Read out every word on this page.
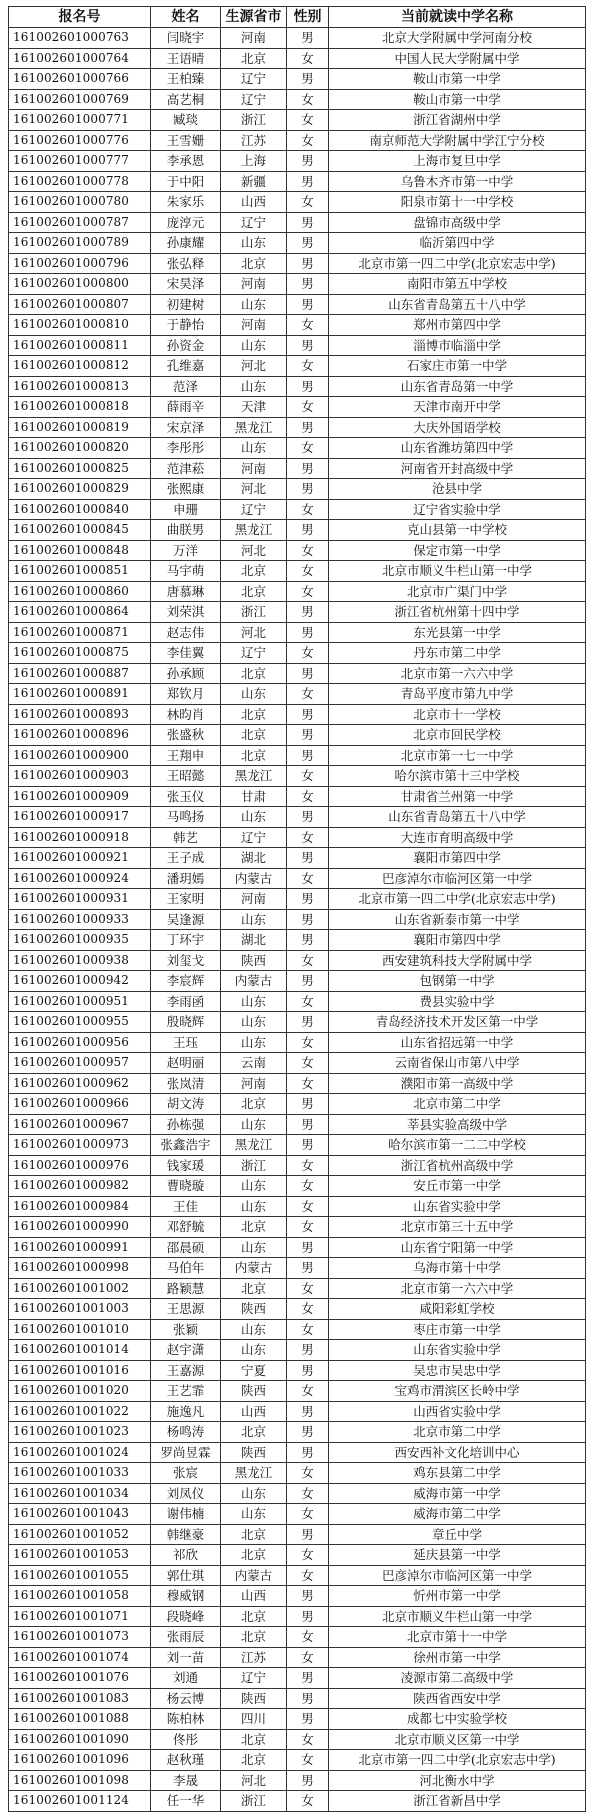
报名号	姓名	生源省市	性别	当前就读中学名称
161002601000763	闫晓宇	河南	男	北京大学附属中学河南分校
161002601000764	王语晴	北京	女	中国人民大学附属中学
161002601000766	王柏臻	辽宁	男	鞍山市第一中学
161002601000769	高艺桐	辽宁	女	鞍山市第一中学
161002601000771	臧琰	浙江	女	浙江省湖州中学
161002601000776	王雪姗	江苏	女	南京师范大学附属中学江宁分校
161002601000777	李承恩	上海	男	上海市复旦中学
161002601000778	于中阳	新疆	男	乌鲁木齐市第一中学
161002601000780	朱家乐	山西	女	阳泉市第十一中学校
161002601000787	庞淳元	辽宁	男	盘锦市高级中学
161002601000789	孙康耀	山东	男	临沂第四中学
161002601000796	张弘释	北京	男	北京市第一四二中学(北京宏志中学)
161002601000800	宋昊泽	河南	男	南阳市第五中学校
161002601000807	初建树	山东	男	山东省青岛第五十八中学
161002601000810	于静怡	河南	女	郑州市第四中学
161002601000811	孙资金	山东	男	淄博市临淄中学
161002601000812	孔维嘉	河北	女	石家庄市第一中学
161002601000813	范泽	山东	男	山东省青岛第一中学
161002601000818	薛雨辛	天津	女	天津市南开中学
161002601000819	宋京泽	黑龙江	男	大庆外国语学校
161002601000820	李彤彤	山东	女	山东省潍坊第四中学
161002601000825	范津菘	河南	男	河南省开封高级中学
161002601000829	张熙康	河北	男	沧县中学
161002601000840	申珊	辽宁	女	辽宁省实验中学
161002601000845	曲朕男	黑龙江	男	克山县第一中学校
161002601000848	万洋	河北	女	保定市第一中学
161002601000851	马宇萌	北京	女	北京市顺义牛栏山第一中学
161002601000860	唐慕琳	北京	女	北京市广渠门中学
161002601000864	刘荣淇	浙江	男	浙江省杭州第十四中学
161002601000871	赵志伟	河北	男	东光县第一中学
161002601000875	李佳翼	辽宁	女	丹东市第二中学
161002601000887	孙承顾	北京	男	北京市第一六六中学
161002601000891	郑钦月	山东	女	青岛平度市第九中学
161002601000893	林昀肖	北京	男	北京市十一学校
161002601000896	张盛秋	北京	男	北京市回民学校
161002601000900	王翔申	北京	男	北京市第一七一中学
161002601000903	王昭懿	黑龙江	女	哈尔滨市第十三中学校
161002601000909	张玉仪	甘肃	女	甘肃省兰州第一中学
161002601000917	马鸣扬	山东	男	山东省青岛第五十八中学
161002601000918	韩艺	辽宁	女	大连市育明高级中学
161002601000921	王子成	湖北	男	襄阳市第四中学
161002601000924	潘玥嫣	内蒙古	女	巴彦淖尔市临河区第一中学
161002601000931	王家明	河南	男	北京市第一四二中学(北京宏志中学)
161002601000933	吴逢源	山东	男	山东省新泰市第一中学
161002601000935	丁环宇	湖北	男	襄阳市第四中学
161002601000938	刘玺戈	陕西	女	西安建筑科技大学附属中学
161002601000942	李宸辉	内蒙古	男	包钢第一中学
161002601000951	李雨函	山东	女	费县实验中学
161002601000955	殷晓辉	山东	男	青岛经济技术开发区第一中学
161002601000956	王珏	山东	女	山东省招远第一中学
161002601000957	赵明丽	云南	女	云南省保山市第八中学
161002601000962	张岚清	河南	女	濮阳市第一高级中学
161002601000966	胡文涛	北京	男	北京市第二中学
161002601000967	孙栋强	山东	男	莘县实验高级中学
161002601000973	张鑫浩宇	黑龙江	男	哈尔滨市第一二二中学校
161002601000976	钱家瑗	浙江	女	浙江省杭州高级中学
161002601000982	曹晓璇	山东	女	安丘市第一中学
161002601000984	王佳	山东	女	山东省实验中学
161002601000990	邓舒毓	北京	女	北京市第三十五中学
161002601000991	邵晨硕	山东	男	山东省宁阳第一中学
161002601000998	马伯年	内蒙古	男	乌海市第十中学
161002601001002	路颖慧	北京	女	北京市第一六六中学
161002601001003	王思源	陕西	女	咸阳彩虹学校
161002601001010	张颖	山东	女	枣庄市第一中学
161002601001014	赵宇潇	山东	男	山东省实验中学
161002601001016	王嘉源	宁夏	男	吴忠市吴忠中学
161002601001020	王艺霏	陕西	女	宝鸡市渭滨区长岭中学
161002601001022	施逸凡	山西	男	山西省实验中学
161002601001023	杨鸣涛	北京	男	北京市第二中学
161002601001024	罗尚昱霖	陕西	男	西安西补文化培训中心
161002601001033	张宸	黑龙江	女	鸡东县第二中学
161002601001034	刘凤仪	山东	女	威海市第一中学
161002601001043	谢伟楠	山东	女	威海市第二中学
161002601001052	韩继豪	北京	男	章丘中学
161002601001053	祁欣	北京	女	延庆县第一中学
161002601001055	郭仕琪	内蒙古	女	巴彦淖尔市临河区第一中学
161002601001058	穆威钢	山西	男	忻州市第一中学
161002601001071	段晓峰	北京	男	北京市顺义牛栏山第一中学
161002601001073	张雨辰	北京	女	北京市第十一中学
161002601001074	刘一苗	江苏	女	徐州市第一中学
161002601001076	刘通	辽宁	男	凌源市第二高级中学
161002601001083	杨云博	陕西	男	陕西省西安中学
161002601001088	陈柏林	四川	男	成都七中实验学校
161002601001090	佟彤	北京	女	北京市顺义区第一中学
161002601001096	赵秋瑾	北京	女	北京市第一四二中学(北京宏志中学)
161002601001098	李晟	河北	男	河北衡水中学
161002601001124	任一华	浙江	女	浙江省新昌中学
